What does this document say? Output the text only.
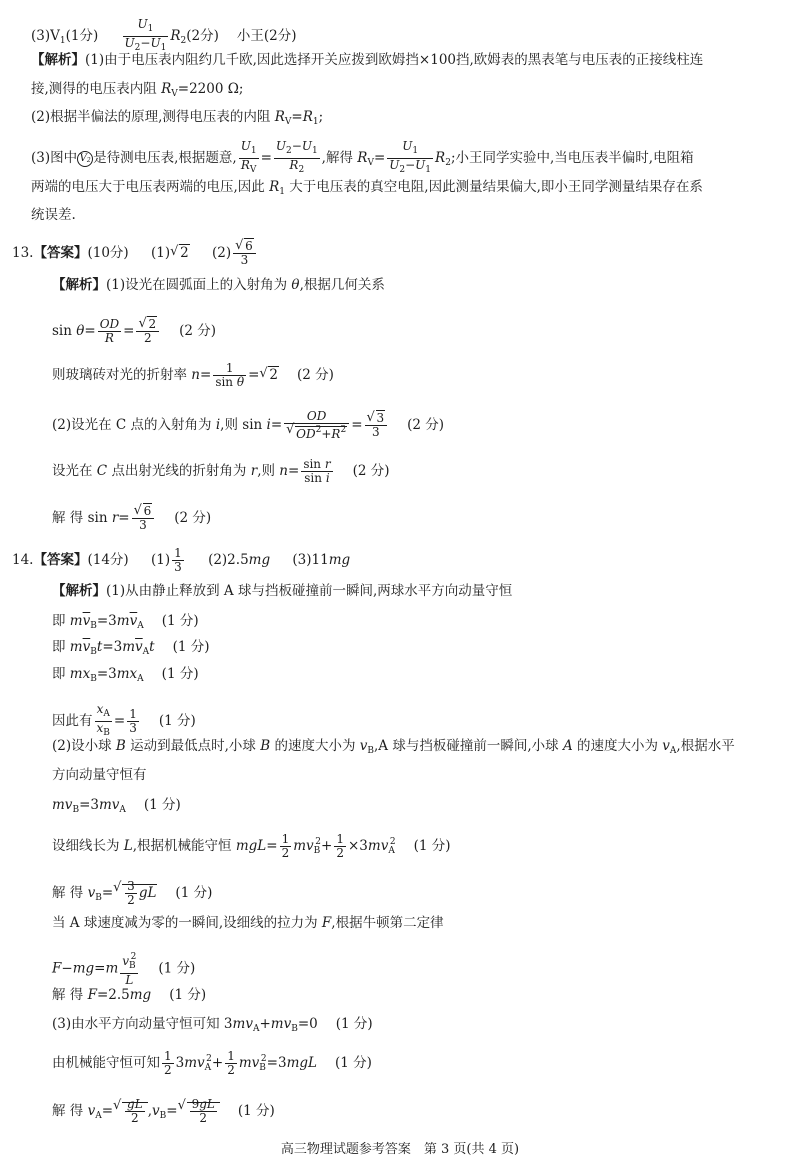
$(3)V_1(1$分) $\frac{U_1}{U_2-U_1} R_2(2$分) 小王(2分)
【解析】(1)由于电压表内阻约几千欧,因此选择开关应拨到欧姆挡×100挡,欧姆表的黑表笔与电压表的正接线柱连
接,测得的电压表内阻 $R_V=2200$ Ω;
(2)根据半偏法的原理,测得电压表的内阻 $R_V=R_1$;
(3)图中 $V_2$ 是待测电压表,根据题意, $\frac{U_1}{R_V} = \frac{U_2-U_1}{R_2}$ ,解得 $R_V= \frac{U_1}{U_2-U_1} R_2$;小王同学实验中,当电压表半偏时,电阻箱
两端的电压大于电压表两端的电压,因此 $R_1$ 大于电压表的真空电阻,因此测量结果偏大,即小王同学测量结果存在系
统误差.
13.【答案】(10分) (1) √ 2 (2) √ $\frac{6}{3}$
【解析】(1)设光在圆弧面上的入射角为 θ,根据几何关系
$\sin \theta= \frac{OD}{R}$ = √ $\frac{2}{2} (2$ 分)
则玻璃砖对光的折射率 $n= \frac{1}{\text{sin θ}}$ = √ 2 (2 分)
(2)设光在 C 点的入射角为 i,则 sin i= OD
√ $OD^2+R^2$ = √ $\frac{3}{3} (2$ 分)
设光在 C 点出射光线的折射角为 r,则 $n= \frac{\text{sin r}}{\text{sin i}} (2$ 分)
解 得 sin r= √ $\frac{6}{3} (2$ 分)
14.【答案】(14分) $(1) \frac{1}{3} (2)2.5mg$ (3)11mg
【解析】(1)从由静止释放到 A 球与挡板碰撞前一瞬间,两球水平方向动量守恒
即 $m\overline{v}_B=3m\overline{v}_A$ (1 分)
即 $m\overline{v}_Bt=3m\overline{v}_At$ (1 分)
即 $mx_B=3mx_A$ (1 分)
因此有 $\frac{x_A}{x_B} = \frac{1}{3} (1$ 分)
(2)设小球 B 运动到最低点时,小球 B 的速度大小为 $v_B,A$ 球与挡板碰撞前一瞬间,小球 A 的速度大小为 $v_A$,根据水平
方向动量守恒有
$mv_B=3mv_A$ (1 分)
设细线长为 L,根据机械能守恒 $mgL= \frac{1}{2} mv_B^2+ \frac{1}{2} \times 3mv_A^2$ (1 分)
解 得 $v_B=$ √ $\frac{3}{2}$ gL (1 分)
当 A 球速度减为零的一瞬间,设细线的拉力为 F,根据牛顿第二定律
$F-mg=m \frac{v_B^2}{L} (1$ 分)
解 得 F=2.5mg (1 分)
(3)由水平方向动量守恒可知 $3mv_A+mv_B=0$ (1 分)
由机械能守恒可知 $\frac{1}{2} 3mv_A^2+ \frac{1}{2} mv_B^2=3mgL$ (1 分)
解 得 $v_A=$ √ $\frac{gL}{2} ,v_B=$ √ $\frac{9gL}{2} (1$ 分)
高三物理试题参考答案　第 3 页(共 4 页)
